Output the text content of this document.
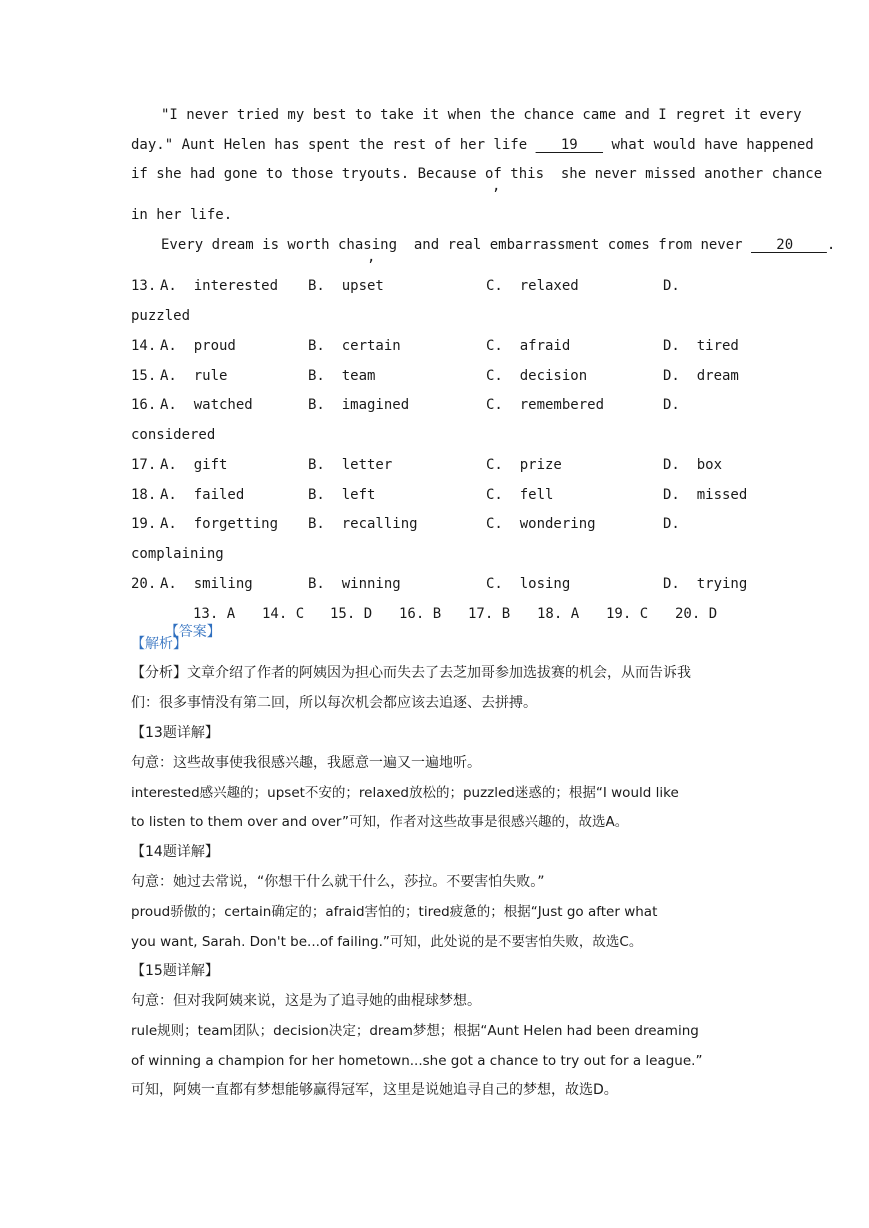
"I never tried my best to take it when the chance came and I regret it every
day." Aunt Helen has spent the rest of her life    19    what would have happened
if she had gone to those tryouts. Because of this  she never missed another chance
,
in her life.
Every dream is worth chasing  and real embarrassment comes from never    20    .
,
13. A.  interested B.  upset	C.  relaxed	D.
puzzled
14. A.  proud	B.  certain	C.  afraid	D.  tired
15. A.  rule	B.  team	C.  decision	D.  dream
16. A.  watched	B.  imagined	C.  remembered	D.
considered
17. A.  gift	B.  letter	C.  prize	D.  box
18. A.  failed	B.  left	C.  fell	D.  missed
19. A.  forgetting B.  recalling	C.  wondering	D.
complaining
20. A.  smiling	B.  winning	C.  losing	D.  trying

【答案】

13. A 14. C 15. D 16. B 17. B 18. A 19. C 20. D
【解析】
【分析】文章介绍了作者的阿姨因为担心而失去了去芝加哥参加选拔赛的机会，从而告诉我
们：很多事情没有第二回，所以每次机会都应该去追逐、去拼搏。
【13题详解】
句意：这些故事使我很感兴趣，我愿意一遍又一遍地听。
interested感兴趣的；upset不安的；relaxed放松的；puzzled迷惑的；根据“I would like
to listen to them over and over”可知，作者对这些故事是很感兴趣的，故选A。
【14题详解】
句意：她过去常说，“你想干什么就干什么，莎拉。不要害怕失败。”
proud骄傲的；certain确定的；afraid害怕的；tired疲惫的；根据“Just go after what
you want, Sarah. Don't be...of failing.”可知，此处说的是不要害怕失败，故选C。
【15题详解】
句意：但对我阿姨来说，这是为了追寻她的曲棍球梦想。
rule规则；team团队；decision决定；dream梦想；根据“Aunt Helen had been dreaming
of winning a champion for her hometown...she got a chance to try out for a league.”
可知，阿姨一直都有梦想能够赢得冠军，这里是说她追寻自己的梦想，故选D。
